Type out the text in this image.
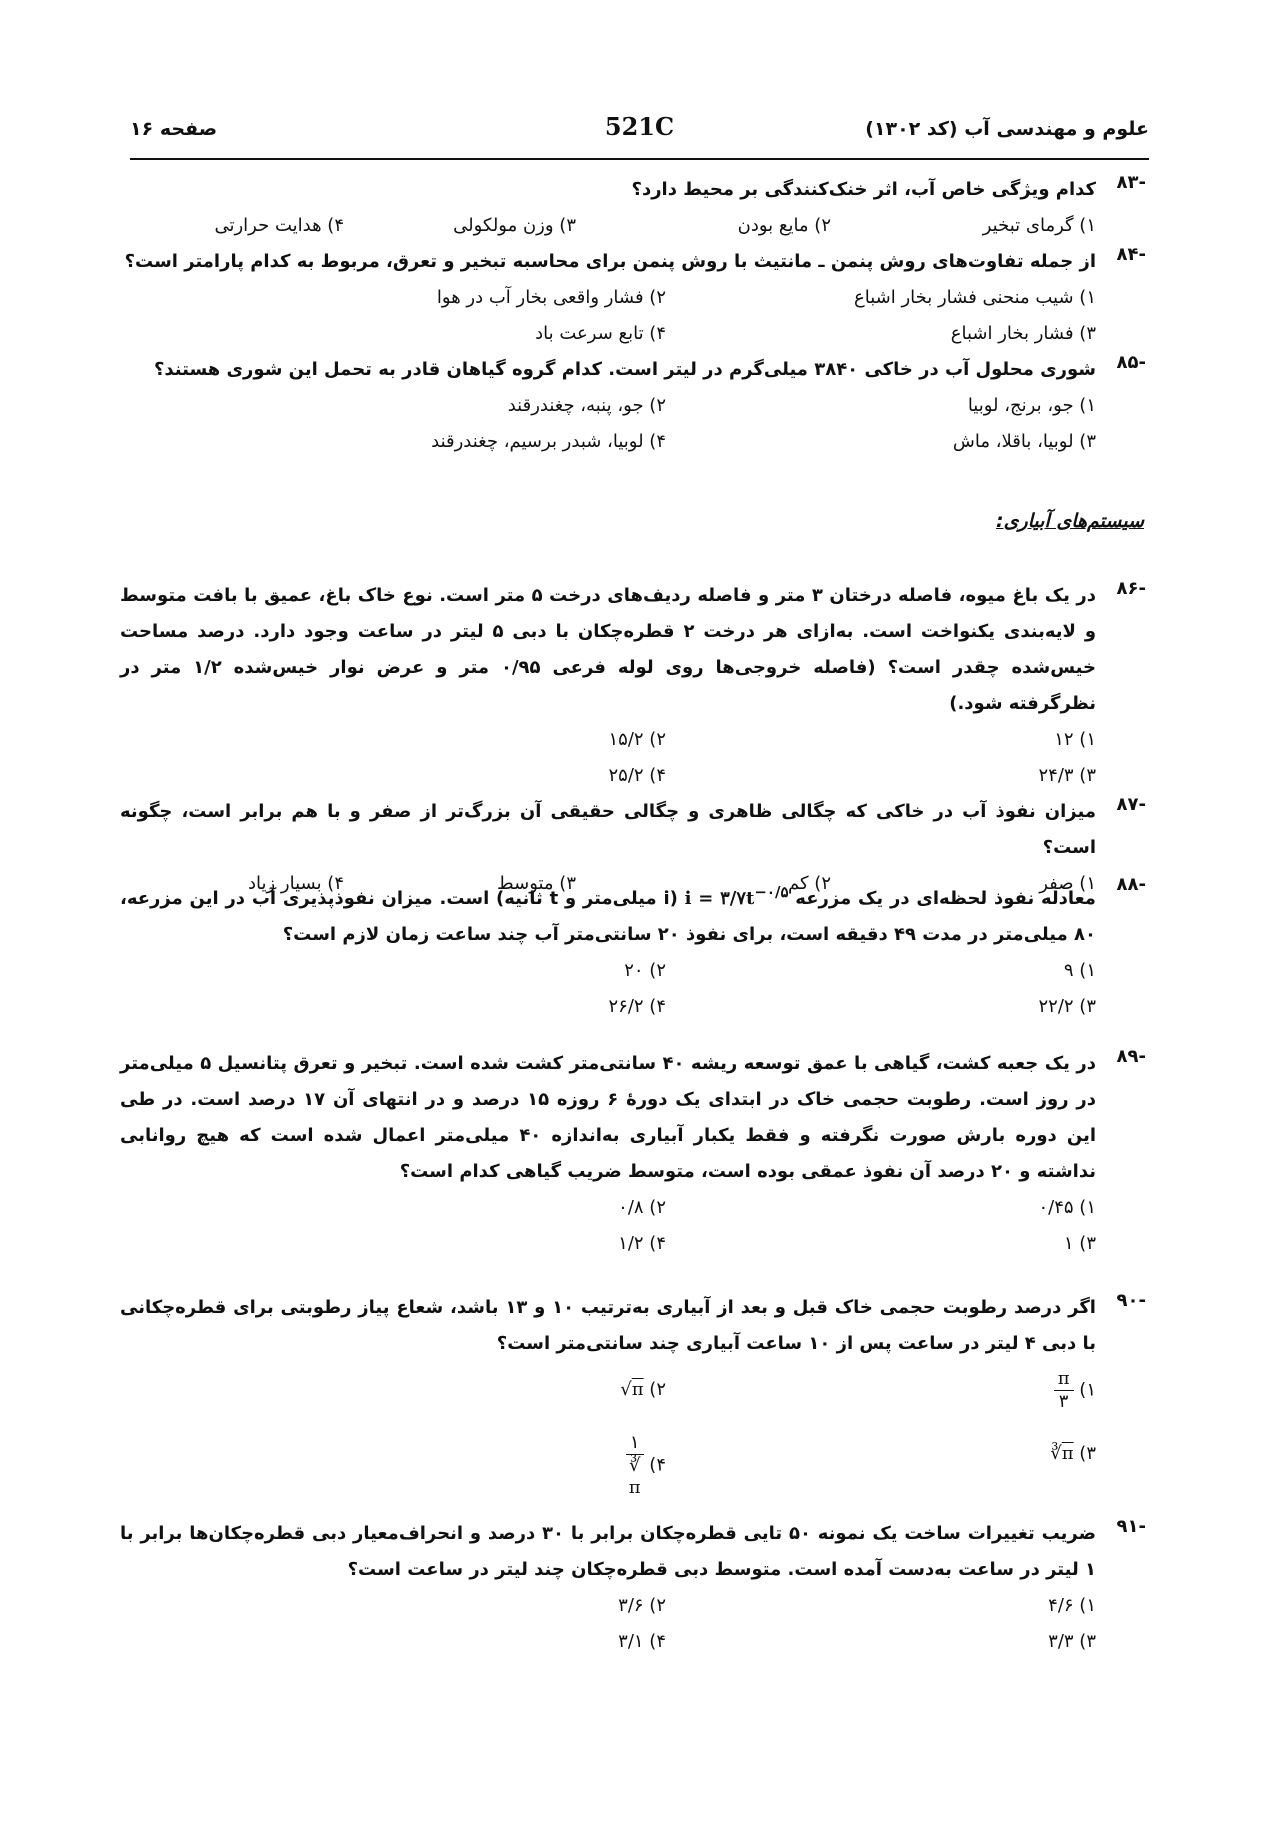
علوم و مهندسی آب (کد ۱۳۰۲)
521C
صفحه ۱۶
-۸۳
کدام ویژگی خاص آب، اثر خنک‌کنندگی بر محیط دارد؟
۱) گرمای تبخیر
۲) مایع بودن
۳) وزن مولکولی
۴) هدایت حرارتی
-۸۴
از جمله تفاوت‌های روش پنمن ـ مانتیث با روش پنمن برای محاسبه تبخیر و تعرق، مربوط به کدام پارامتر است؟
۱) شیب منحنی فشار بخار اشباع
۲) فشار واقعی بخار آب در هوا
۳) فشار بخار اشباع
۴) تابع سرعت باد
-۸۵
شوری محلول آب در خاکی ۳۸۴۰ میلی‌گرم در لیتر است. کدام گروه گیاهان قادر به تحمل این شوری هستند؟
۱) جو، برنج، لوبیا
۲) جو، پنبه، چغندرقند
۳) لوبیا، باقلا، ماش
۴) لوبیا، شبدر برسیم، چغندرقند
سیستم‌های آبیاری:
-۸۶
در یک باغ میوه، فاصله درختان ۳ متر و فاصله ردیف‌های درخت ۵ متر است. نوع خاک باغ، عمیق با بافت متوسط و لایه‌بندی یکنواخت است. به‌ازای هر درخت ۲ قطره‌چکان با دبی ۵ لیتر در ساعت وجود دارد. درصد مساحت خیس‌شده چقدر است؟ (فاصله خروجی‌ها روی لوله فرعی ۰/۹۵ متر و عرض نوار خیس‌شده ۱/۲ متر در نظرگرفته شود.)
۱) ۱۲
۲) ۱۵/۲
۳) ۲۴/۳
۴) ۲۵/۲
-۸۷
میزان نفوذ آب در خاکی که چگالی ظاهری و چگالی حقیقی آن بزرگ‌تر از صفر و با هم برابر است، چگونه است؟
۱) صفر
۲) کم
۳) متوسط
۴) بسیار زیاد	-۸۸
معادله نفوذ لحظه‌ای در یک مزرعه $i = ۳/۷t^{-۰/۵}$ (i میلی‌متر و t ثانیه) است. میزان نفوذپذیری آب در این مزرعه، ۸۰ میلی‌متر در مدت ۴۹ دقیقه است، برای نفوذ ۲۰ سانتی‌متر آب چند ساعت زمان لازم است؟
۱) ۹
۲) ۲۰
۳) ۲۲/۲
۴) ۲۶/۲
-۸۹
در یک جعبه کشت، گیاهی با عمق توسعه ریشه ۴۰ سانتی‌متر کشت شده است. تبخیر و تعرق پتانسیل ۵ میلی‌متر در روز است. رطوبت حجمی خاک در ابتدای یک دورهٔ ۶ روزه ۱۵ درصد و در انتهای آن ۱۷ درصد است. در طی این دوره بارش صورت نگرفته و فقط یکبار آبیاری به‌اندازه ۴۰ میلی‌متر اعمال شده است که هیچ روانابی نداشته و ۲۰ درصد آن نفوذ عمقی بوده است، متوسط ضریب گیاهی کدام است؟
۱) ۰/۴۵
۲) ۰/۸
۳) ۱
۴) ۱/۲
-۹۰
اگر درصد رطوبت حجمی خاک قبل و بعد از آبیاری به‌ترتیب ۱۰ و ۱۳ باشد، شعاع پیاز رطوبتی برای قطره‌چکانی با دبی ۴ لیتر در ساعت پس از ۱۰ ساعت آبیاری چند سانتی‌متر است؟
۱)
$\frac{\pi}{۳}$
۲) √π
۳) $∛\overline{\pi}$
۴)
۱
∛
π
-۹۱
ضریب تغییرات ساخت یک نمونه ۵۰ تایی قطره‌چکان برابر با ۳۰ درصد و انحراف‌معیار دبی قطره‌چکان‌ها برابر با ۱ لیتر در ساعت به‌دست آمده است. متوسط دبی قطره‌چکان چند لیتر در ساعت است؟
۱) ۴/۶
۲) ۳/۶
۳) ۳/۳
۴) ۳/۱
